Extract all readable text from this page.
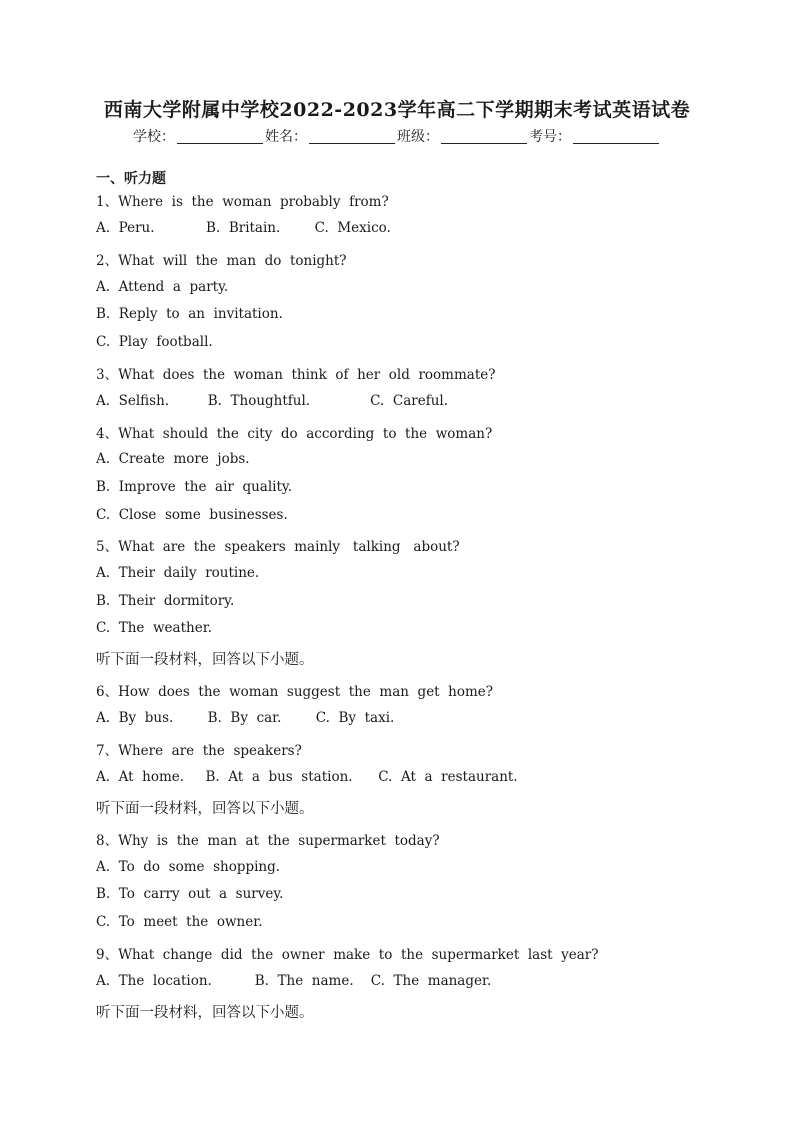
西南大学附属中学校2022-2023学年高二下学期期末考试英语试卷
学校：	姓名：	班级：	考号：
一、听力题
1、Where  is  the  woman  probably  from?
A.  Peru.            B.  Britain.        C.  Mexico.
2、What  will  the  man  do  tonight?
A.  Attend  a  party.
B.  Reply  to  an  invitation.
C.  Play  football.
3、What  does  the  woman  think  of  her  old  roommate?
A.  Selfish.         B.  Thoughtful.              C.  Careful.
4、What  should  the  city  do  according  to  the  woman?
A.  Create  more  jobs.
B.  Improve  the  air  quality.
C.  Close  some  businesses.
5、What  are  the  speakers  mainly   talking   about?
A.  Their  daily  routine.
B.  Their  dormitory.
C.  The  weather.
听下面一段材料，回答以下小题。
6、How  does  the  woman  suggest  the  man  get  home?
A.  By  bus.        B.  By  car.        C.  By  taxi.
7、Where  are  the  speakers?
A.  At  home.     B.  At  a  bus  station.      C.  At  a  restaurant.
听下面一段材料，回答以下小题。
8、Why  is  the  man  at  the  supermarket  today?
A.  To  do  some  shopping.
B.  To  carry  out  a  survey.
C.  To  meet  the  owner.
9、What  change  did  the  owner  make  to  the  supermarket  last  year?
A.  The  location.          B.  The  name.    C.  The  manager.
听下面一段材料，回答以下小题。
